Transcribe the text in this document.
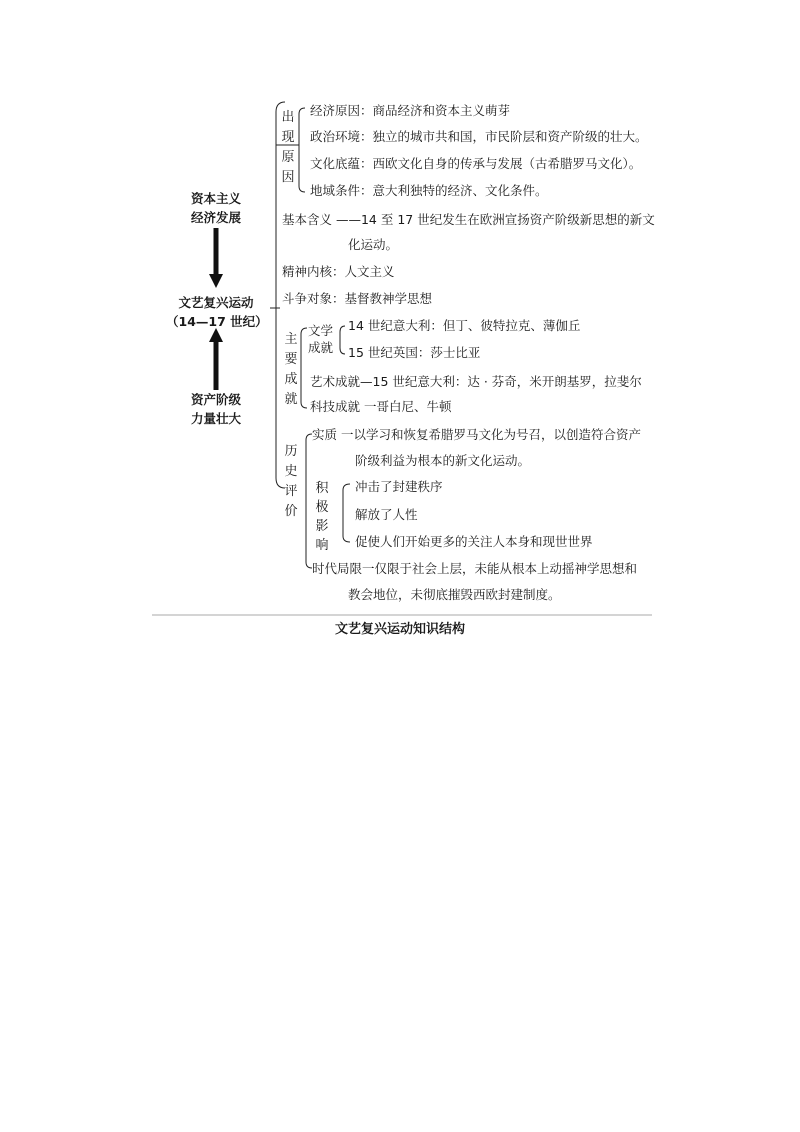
资本主义
经济发展
文艺复兴运动
（14—17 世纪）
资产阶级
力量壮大
出
现
原
因
经济原因：商品经济和资本主义萌芽
政治环境：独立的城市共和国，市民阶层和资产阶级的壮大。
文化底蕴：西欧文化自身的传承与发展（古希腊罗马文化）。
地域条件：意大利独特的经济、文化条件。
基本含义 ——14 至 17 世纪发生在欧洲宣扬资产阶级新思想的新文
化运动。
精神内核：人文主义
斗争对象：基督教神学思想
主
要
成
就
文学
成就
14 世纪意大利：但丁、彼特拉克、薄伽丘
15 世纪英国：莎士比亚
艺术成就—15 世纪意大利：达 · 芬奇，米开朗基罗，拉斐尔
科技成就 一哥白尼、牛顿
历
史
评
价
实质 一以学习和恢复希腊罗马文化为号召，以创造符合资产
阶级利益为根本的新文化运动。
积
极
影
响
冲击了封建秩序
解放了人性
促使人们开始更多的关注人本身和现世世界
时代局限一仅限于社会上层，未能从根本上动摇神学思想和
教会地位，未彻底摧毁西欧封建制度。
文艺复兴运动知识结构
